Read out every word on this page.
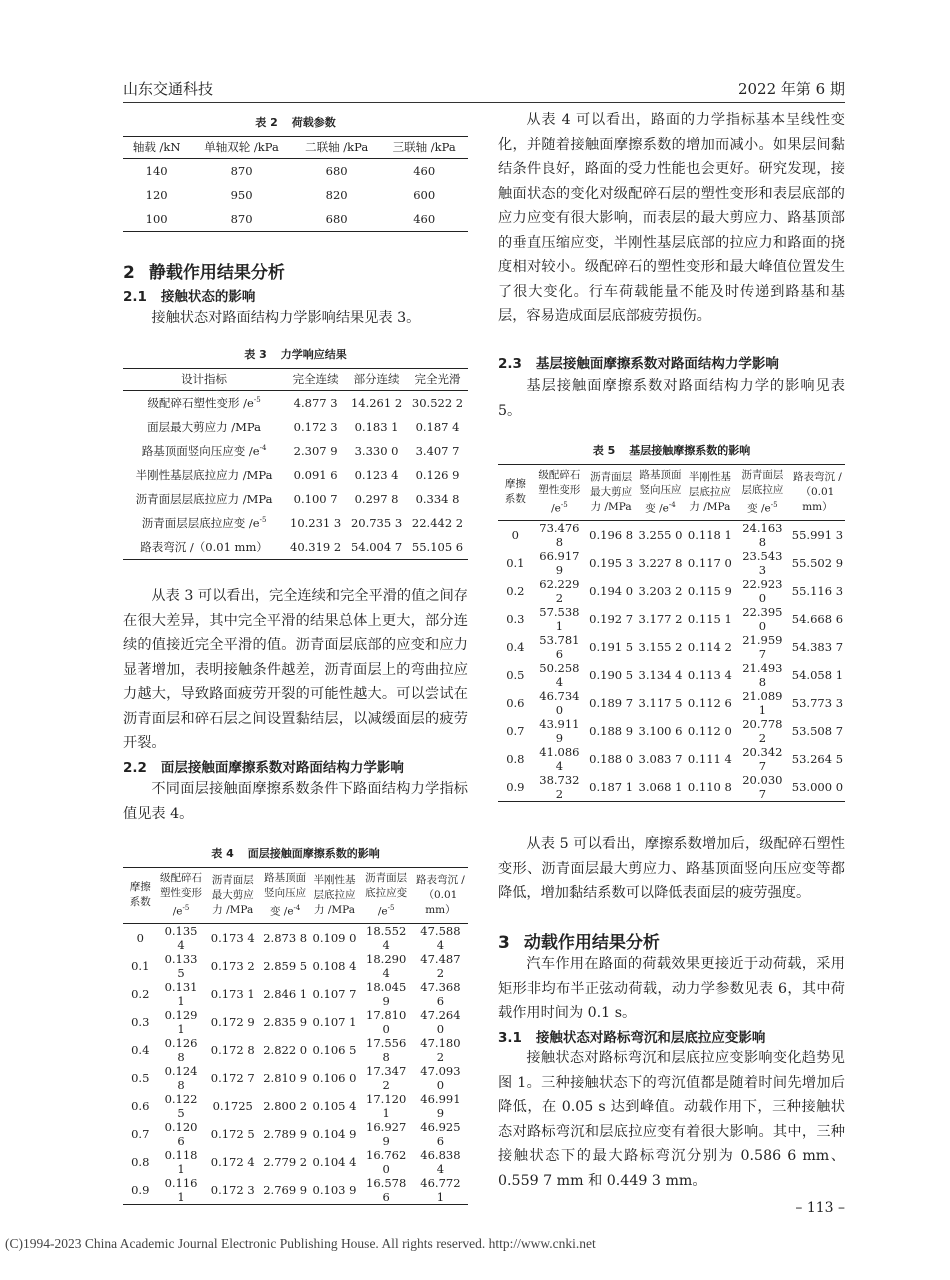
山东交通科技	2022 年第 6 期
表 2 荷载参数
轴载 /kN	单轴双轮 /kPa	二联轴 /kPa	三联轴 /kPa
140	870	680	460
120	950	820	600
100	870	680	460
2 静载作用结果分析
2.1 接触状态的影响

接触状态对路面结构力学影响结果见表 3。

表 3 力学响应结果
设计指标	完全连续	部分连续	完全光滑
级配碎石塑性变形 $/e^{-5}$	4.877 3	14.261 2	30.522 2
面层最大剪应力 /MPa	0.172 3	0.183 1	0.187 4
路基顶面竖向压应变 $/e^{-4}$	2.307 9	3.330 0	3.407 7
半刚性基层底拉应力 /MPa	0.091 6	0.123 4	0.126 9
沥青面层层底拉应力 /MPa	0.100 7	0.297 8	0.334 8
沥青面层层底拉应变 $/e^{-5}$	10.231 3	20.735 3	22.442 2
路表弯沉 /（0.01 mm）	40.319 2	54.004 7	55.105 6

从表 3 可以看出，完全连续和完全平滑的值之间存在很大差异，其中完全平滑的结果总体上更大，部分连续的值接近完全平滑的值。沥青面层底部的应变和应力显著增加，表明接触条件越差，沥青面层上的弯曲拉应力越大，导致路面疲劳开裂的可能性越大。可以尝试在沥青面层和碎石层之间设置黏结层，以减缓面层的疲劳开裂。

2.2 面层接触面摩擦系数对路面结构力学影响

不同面层接触面摩擦系数条件下路面结构力学指标值见表 4。

表 4 面层接触面摩擦系数的影响
摩擦系数	级配碎石塑性变形 $/e^{-5}$	沥青面层最大剪应力 /MPa	路基顶面竖向压应变 $/e^{-4}$	半刚性基层底拉应力 /MPa	沥青面层底拉应变 $/e^{-5}$	路表弯沉 /（0.01 mm）
0	0.135 4	0.173 4	2.873 8	0.109 0	18.552 4	47.588 4
0.1	0.133 5	0.173 2	2.859 5	0.108 4	18.290 4	47.487 2
0.2	0.131 1	0.173 1	2.846 1	0.107 7	18.045 9	47.368 6
0.3	0.129 1	0.172 9	2.835 9	0.107 1	17.810 0	47.264 0
0.4	0.126 8	0.172 8	2.822 0	0.106 5	17.556 8	47.180 2
0.5	0.124 8	0.172 7	2.810 9	0.106 0	17.347 2	47.093 0
0.6	0.122 5	0.1725	2.800 2	0.105 4	17.120 1	46.991 9
0.7	0.120 6	0.172 5	2.789 9	0.104 9	16.927 9	46.925 6
0.8	0.118 1	0.172 4	2.779 2	0.104 4	16.762 0	46.838 4
0.9	0.116 1	0.172 3	2.769 9	0.103 9	16.578 6	46.772 1

从表 4 可以看出，路面的力学指标基本呈线性变化，并随着接触面摩擦系数的增加而减小。如果层间黏结条件良好，路面的受力性能也会更好。研究发现，接触面状态的变化对级配碎石层的塑性变形和表层底部的应力应变有很大影响，而表层的最大剪应力、路基顶部的垂直压缩应变，半刚性基层底部的拉应力和路面的挠度相对较小。级配碎石的塑性变形和最大峰值位置发生了很大变化。行车荷载能量不能及时传递到路基和基层，容易造成面层底部疲劳损伤。

2.3 基层接触面摩擦系数对路面结构力学影响

基层接触面摩擦系数对路面结构力学的影响见表 5。

表 5 基层接触摩擦系数的影响
摩擦系数	级配碎石塑性变形 $/e^{-5}$	沥青面层最大剪应力 /MPa	路基顶面竖向压应变 $/e^{-4}$	半刚性基层底拉应力 /MPa	沥青面层层底拉应变 $/e^{-5}$	路表弯沉 /（0.01 mm）
0	73.476 8	0.196 8	3.255 0	0.118 1	24.163 8	55.991 3
0.1	66.917 9	0.195 3	3.227 8	0.117 0	23.543 3	55.502 9
0.2	62.229 2	0.194 0	3.203 2	0.115 9	22.923 0	55.116 3
0.3	57.538 1	0.192 7	3.177 2	0.115 1	22.395 0	54.668 6
0.4	53.781 6	0.191 5	3.155 2	0.114 2	21.959 7	54.383 7
0.5	50.258 4	0.190 5	3.134 4	0.113 4	21.493 8	54.058 1
0.6	46.734 0	0.189 7	3.117 5	0.112 6	21.089 1	53.773 3
0.7	43.911 9	0.188 9	3.100 6	0.112 0	20.778 2	53.508 7
0.8	41.086 4	0.188 0	3.083 7	0.111 4	20.342 7	53.264 5
0.9	38.732 2	0.187 1	3.068 1	0.110 8	20.030 7	53.000 0

从表 5 可以看出，摩擦系数增加后，级配碎石塑性变形、沥青面层最大剪应力、路基顶面竖向压应变等都降低，增加黏结系数可以降低表面层的疲劳强度。

3 动载作用结果分析

汽车作用在路面的荷载效果更接近于动荷载，采用矩形非均布半正弦动荷载，动力学参数见表 6，其中荷载作用时间为 0.1 s。

3.1 接触状态对路标弯沉和层底拉应变影响

接触状态对路标弯沉和层底拉应变影响变化趋势见图 1。三种接触状态下的弯沉值都是随着时间先增加后降低，在 0.05 s 达到峰值。动载作用下，三种接触状态对路标弯沉和层底拉应变有着很大影响。其中，三种接触状态下的最大路标弯沉分别为 0.586 6 mm、0.559 7 mm 和 0.449 3 mm。

– 113 –
(C)1994-2023 China Academic Journal Electronic Publishing House. All rights reserved. http://www.cnki.net
